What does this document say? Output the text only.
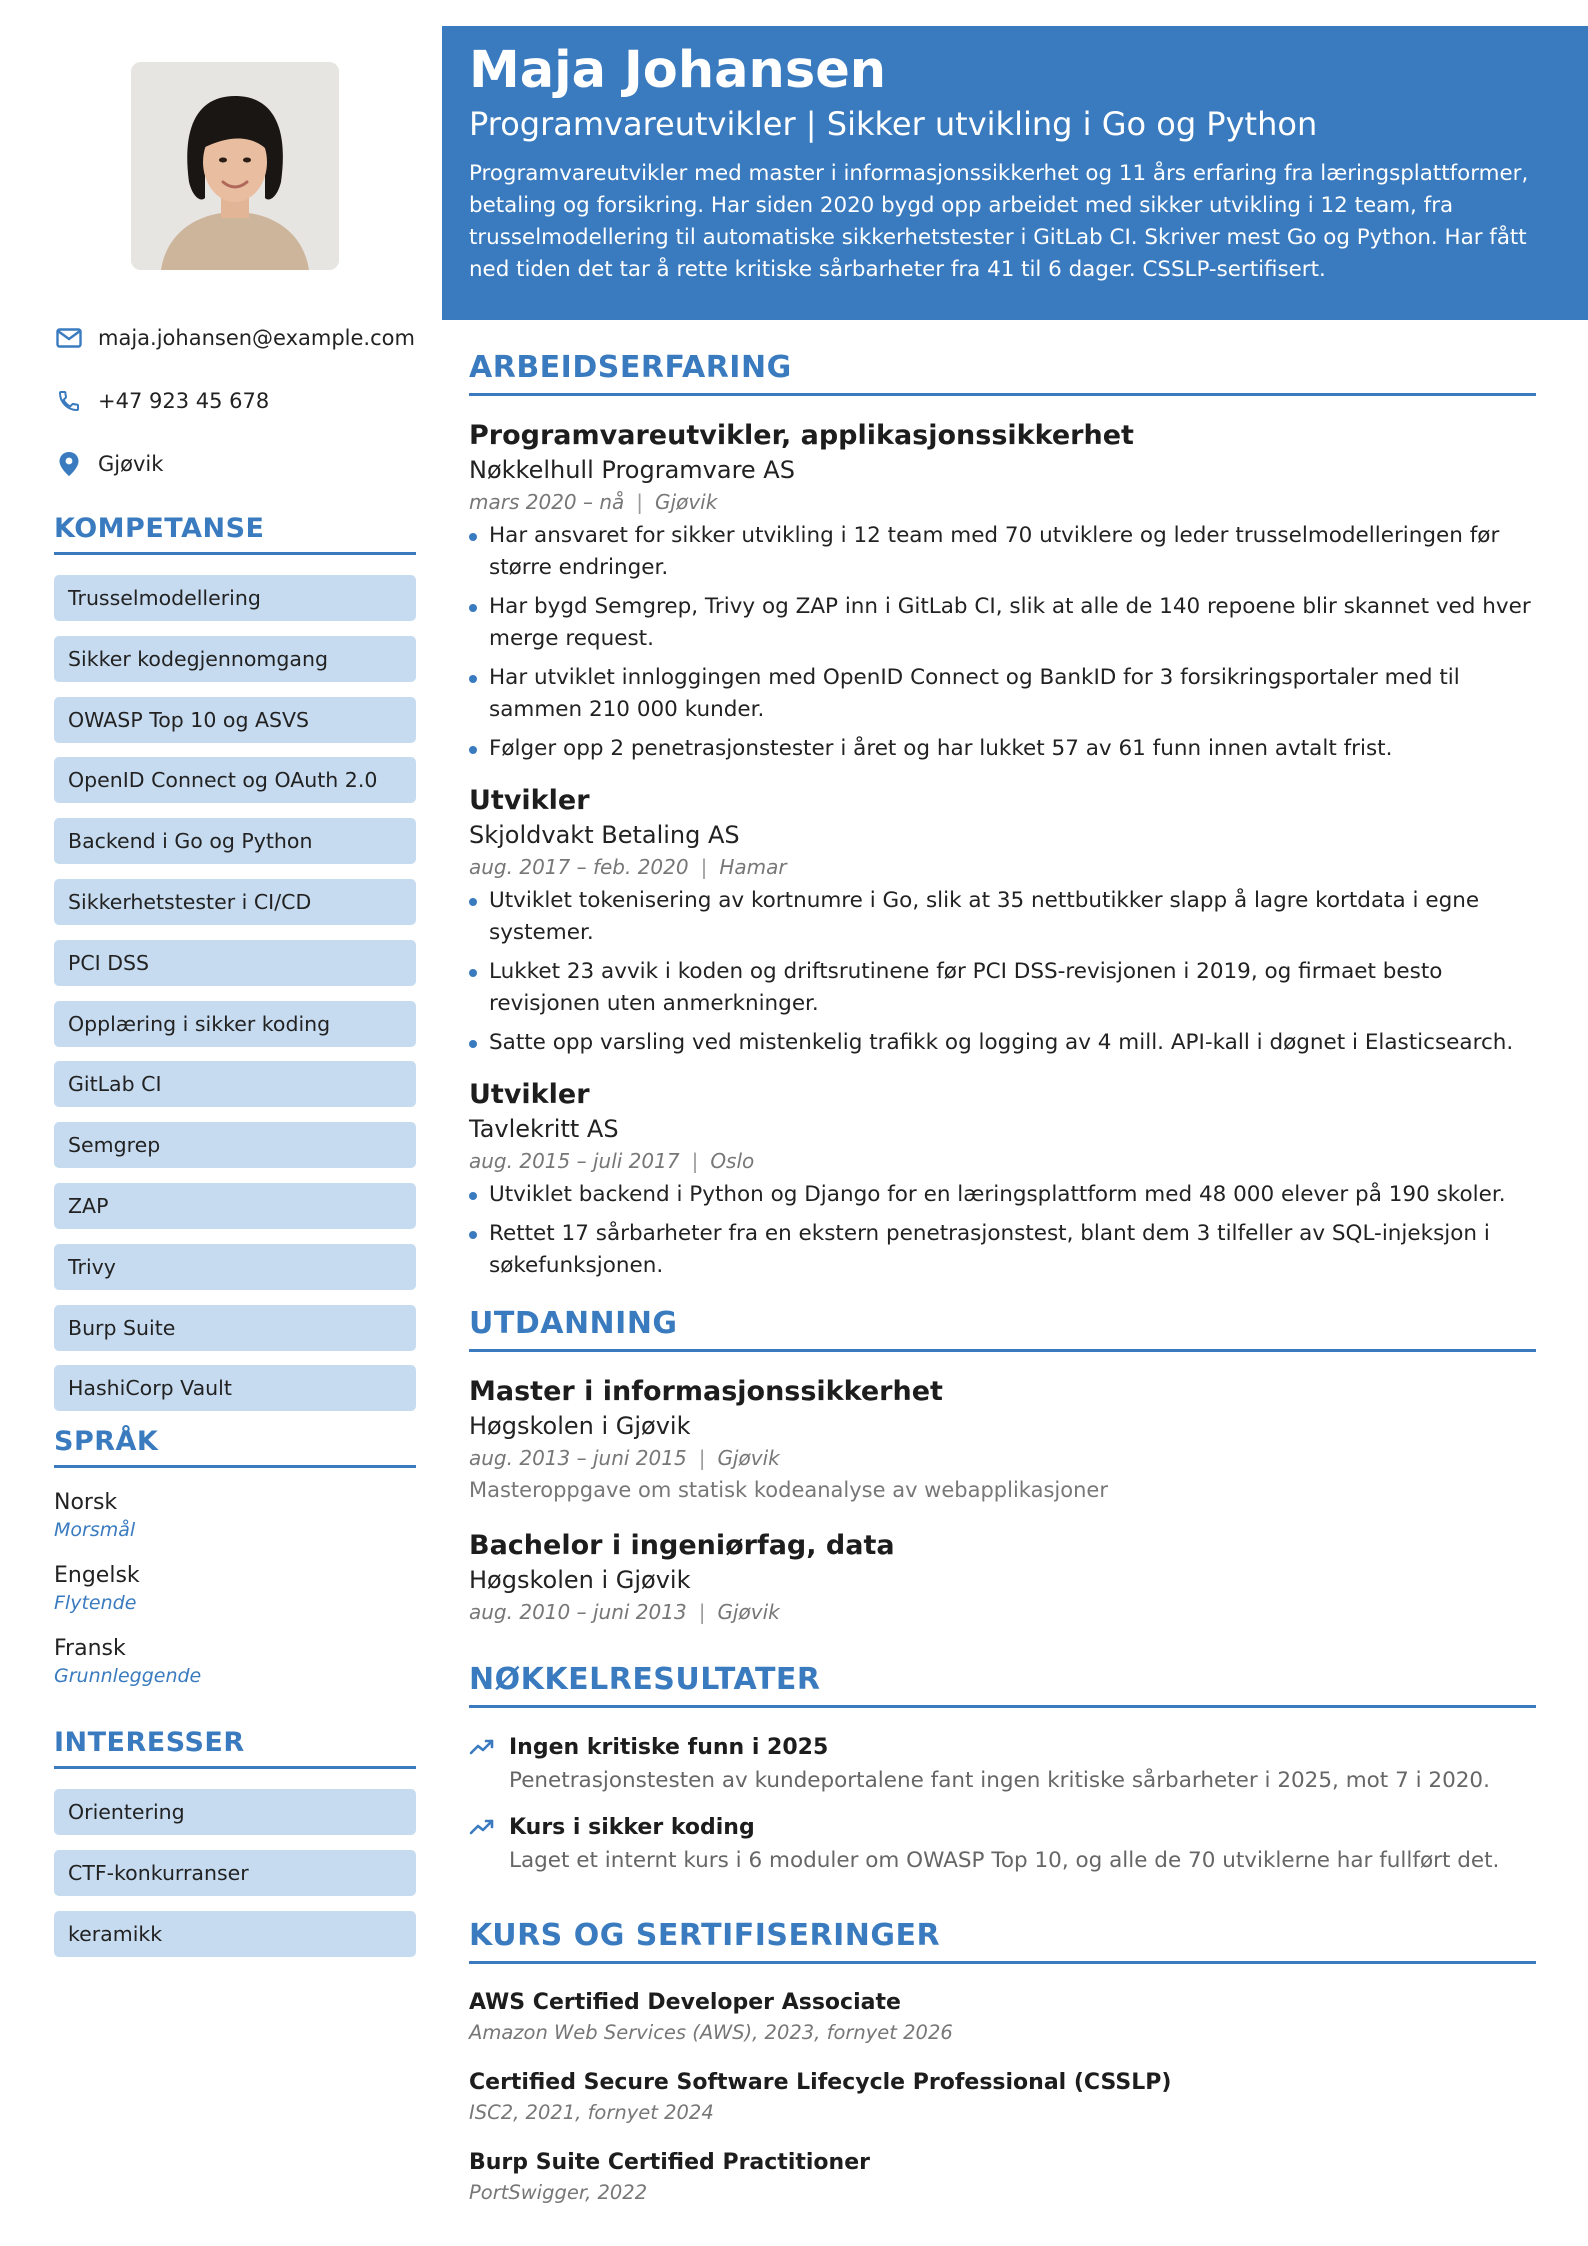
maja.johansen@example.com
+47 923 45 678
Gjøvik
KOMPETANSE
Trusselmodellering
Sikker kodegjennomgang
OWASP Top 10 og ASVS
OpenID Connect og OAuth 2.0
Backend i Go og Python
Sikkerhetstester i CI/CD
PCI DSS
Opplæring i sikker koding
GitLab CI
Semgrep
ZAP
Trivy
Burp Suite
HashiCorp Vault
SPRÅK
Norsk
Morsmål
Engelsk
Flytende
Fransk
Grunnleggende
INTERESSER
Orientering
CTF-konkurranser
keramikk
Maja Johansen
Programvareutvikler | Sikker utvikling i Go og Python

Programvareutvikler med master i informasjonssikkerhet og 11 års erfaring fra læringsplattformer, betaling og forsikring. Har siden 2020 bygd opp arbeidet med sikker utvikling i 12 team, fra trusselmodellering til automatiske sikkerhetstester i GitLab CI. Skriver mest Go og Python. Har fått ned tiden det tar å rette kritiske sårbarheter fra 41 til 6 dager. CSSLP-sertifisert.

ARBEIDSERFARING
Programvareutvikler, applikasjonssikkerhet
Nøkkelhull Programvare AS
mars 2020 – nå | Gjøvik
Har ansvaret for sikker utvikling i 12 team med 70 utviklere og leder trusselmodelleringen før større endringer.
Har bygd Semgrep, Trivy og ZAP inn i GitLab CI, slik at alle de 140 repoene blir skannet ved hver merge request.
Har utviklet innloggingen med OpenID Connect og BankID for 3 forsikringsportaler med til sammen 210 000 kunder.
Følger opp 2 penetrasjonstester i året og har lukket 57 av 61 funn innen avtalt frist.
Utvikler
Skjoldvakt Betaling AS
aug. 2017 – feb. 2020 | Hamar
Utviklet tokenisering av kortnumre i Go, slik at 35 nettbutikker slapp å lagre kortdata i egne systemer.
Lukket 23 avvik i koden og driftsrutinene før PCI DSS-revisjonen i 2019, og firmaet besto revisjonen uten anmerkninger.
Satte opp varsling ved mistenkelig trafikk og logging av 4 mill. API-kall i døgnet i Elasticsearch.
Utvikler
Tavlekritt AS
aug. 2015 – juli 2017 | Oslo
Utviklet backend i Python og Django for en læringsplattform med 48 000 elever på 190 skoler.
Rettet 17 sårbarheter fra en ekstern penetrasjonstest, blant dem 3 tilfeller av SQL-injeksjon i søkefunksjonen.
UTDANNING
Master i informasjonssikkerhet
Høgskolen i Gjøvik
aug. 2013 – juni 2015 | Gjøvik
Masteroppgave om statisk kodeanalyse av webapplikasjoner
Bachelor i ingeniørfag, data
Høgskolen i Gjøvik
aug. 2010 – juni 2013 | Gjøvik
NØKKELRESULTATER
Ingen kritiske funn i 2025
Penetrasjonstesten av kundeportalene fant ingen kritiske sårbarheter i 2025, mot 7 i 2020.
Kurs i sikker koding
Laget et internt kurs i 6 moduler om OWASP Top 10, og alle de 70 utviklerne har fullført det.
KURS OG SERTIFISERINGER
AWS Certified Developer Associate
Amazon Web Services (AWS), 2023, fornyet 2026
Certified Secure Software Lifecycle Professional (CSSLP)
ISC2, 2021, fornyet 2024
Burp Suite Certified Practitioner
PortSwigger, 2022
